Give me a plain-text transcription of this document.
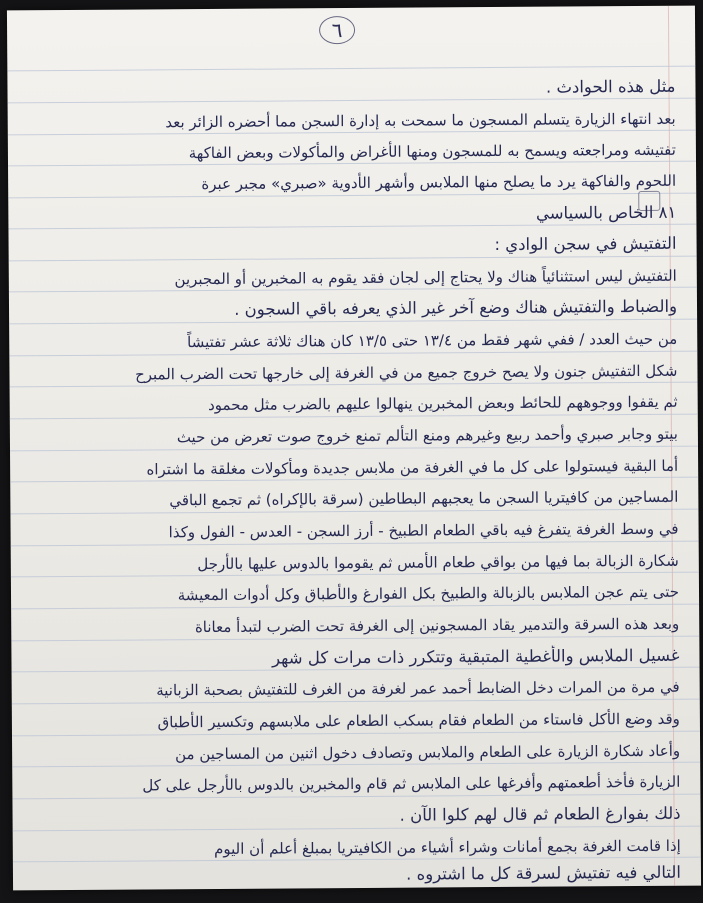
٦
مثل هذه الحوادث .
بعد انتهاء الزيارة يتسلم المسجون ما سمحت به إدارة السجن مما أحضره الزائر بعد
تفتيشه ومراجعته ويسمح به للمسجون ومنها الأغراض والمأكولات وبعض الفاكهة
اللحوم والفاكهة يرد ما يصلح منها الملابس وأشهر الأدوية «صبري» مجبر عبرة
٨١ الخاص بالسياسي
التفتيش في سجن الوادي :
التفتيش ليس استثنائياً هناك ولا يحتاج إلى لجان فقد يقوم به المخبرين أو المجبرين
والضباط والتفتيش هناك وضع آخر غير الذي يعرفه باقي السجون .
من حيث العدد / ففي شهر فقط من ١٣/٤ حتى ١٣/٥ كان هناك ثلاثة عشر تفتيشاً
شكل التفتيش جنون ولا يصح خروج جميع من في الغرفة إلى خارجها تحت الضرب المبرح
ثم يقفوا ووجوههم للحائط وبعض المخبرين ينهالوا عليهم بالضرب مثل محمود
بيتو وجابر صبري وأحمد ربيع وغيرهم ومنع التألم تمنع خروج صوت تعرض من حيث
أما البقية فيستولوا على كل ما في الغرفة من ملابس جديدة ومأكولات مغلقة ما اشتراه
المساجين من كافيتريا السجن ما يعجبهم البطاطين (سرقة بالإكراه) ثم تجمع الباقي
في وسط الغرفة يتفرغ فيه باقي الطعام الطبيخ - أرز السجن - العدس - الفول وكذا
شكارة الزبالة بما فيها من بواقي طعام الأمس ثم يقوموا بالدوس عليها بالأرجل
حتى يتم عجن الملابس بالزبالة والطبيخ بكل الفوارغ والأطباق وكل أدوات المعيشة
وبعد هذه السرقة والتدمير يقاد المسجونين إلى الغرفة تحت الضرب لتبدأ معاناة
غسيل الملابس والأغطية المتبقية وتتكرر ذات مرات كل شهر
في مرة من المرات دخل الضابط أحمد عمر لغرفة من الغرف للتفتيش بصحبة الزبانية
وقد وضع الأكل فاستاء من الطعام فقام بسكب الطعام على ملابسهم وتكسير الأطباق
وأعاد شكارة الزيارة على الطعام والملابس وتصادف دخول اثنين من المساجين من
الزيارة فأخذ أطعمتهم وأفرغها على الملابس ثم قام والمخبرين بالدوس بالأرجل على كل
ذلك بفوارغ الطعام ثم قال لهم كلوا الآن .
إذا قامت الغرفة بجمع أمانات وشراء أشياء من الكافيتريا بمبلغ أعلم أن اليوم
التالي فيه تفتيش لسرقة كل ما اشتروه .
